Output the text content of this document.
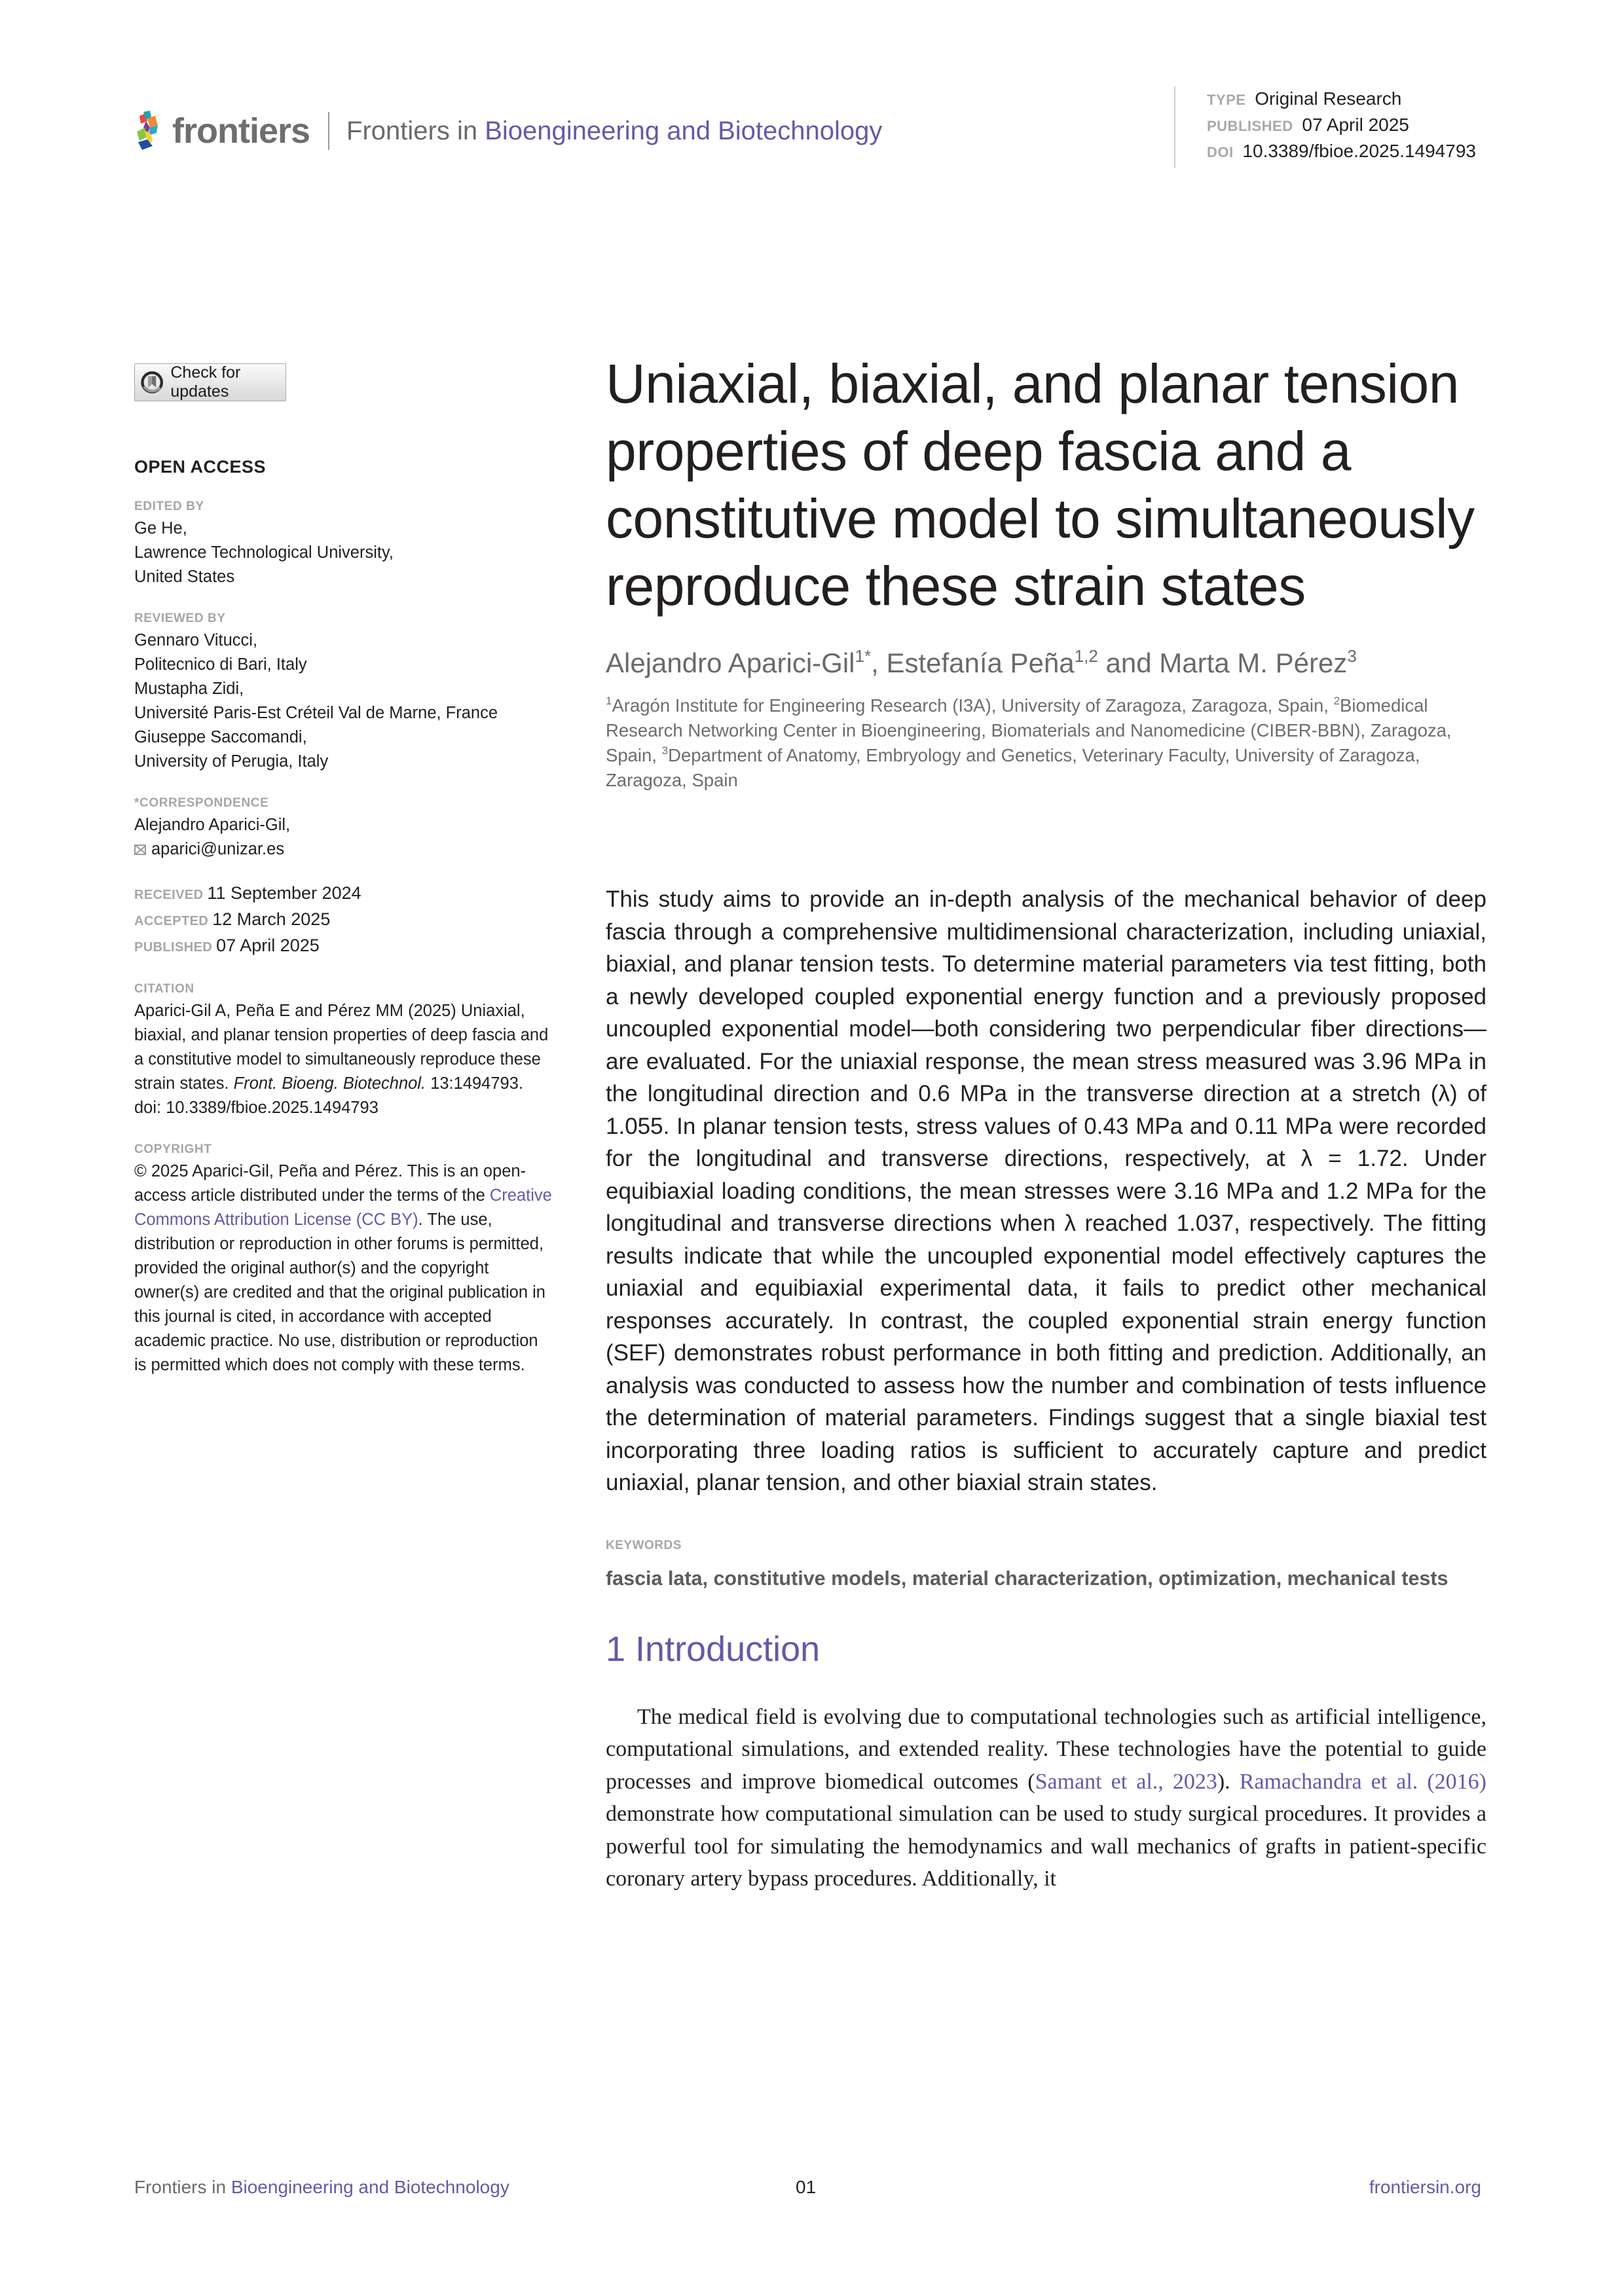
frontiers Frontiers in Bioengineering and Biotechnology
TYPE Original Research
PUBLISHED 07 April 2025
DOI 10.3389/fbioe.2025.1494793
Check for updates
OPEN ACCESS
EDITED BY
Ge He,
Lawrence Technological University,
United States
REVIEWED BY
Gennaro Vitucci,
Politecnico di Bari, Italy
Mustapha Zidi,
Université Paris-Est Créteil Val de Marne, France
Giuseppe Saccomandi,
University of Perugia, Italy
*CORRESPONDENCE
Alejandro Aparici-Gil,
aparici@unizar.es
RECEIVED 11 September 2024
ACCEPTED 12 March 2025
PUBLISHED 07 April 2025
CITATION
Aparici-Gil A, Peña E and Pérez MM (2025) Uniaxial, biaxial, and planar tension properties of deep fascia and a constitutive model to simultaneously reproduce these strain states. Front. Bioeng. Biotechnol. 13:1494793.
doi: 10.3389/fbioe.2025.1494793
COPYRIGHT
© 2025 Aparici-Gil, Peña and Pérez. This is an open-access article distributed under the terms of the Creative Commons Attribution License (CC BY). The use, distribution or reproduction in other forums is permitted, provided the original author(s) and the copyright owner(s) are credited and that the original publication in this journal is cited, in accordance with accepted academic practice. No use, distribution or reproduction is permitted which does not comply with these terms.
Uniaxial, biaxial, and planar tension properties of deep fascia and a constitutive model to simultaneously reproduce these strain states
Alejandro Aparici-Gil$^{1*}$, Estefanía Peña$^{1,2}$ and Marta M. Pérez$^3$
$^1$Aragón Institute for Engineering Research (I3A), University of Zaragoza, Zaragoza, Spain, $^2$Biomedical Research Networking Center in Bioengineering, Biomaterials and Nanomedicine (CIBER-BBN), Zaragoza, Spain, $^3$Department of Anatomy, Embryology and Genetics, Veterinary Faculty, University of Zaragoza, Zaragoza, Spain

This study aims to provide an in-depth analysis of the mechanical behavior of deep fascia through a comprehensive multidimensional characterization, including uniaxial, biaxial, and planar tension tests. To determine material parameters via test fitting, both a newly developed coupled exponential energy function and a previously proposed uncoupled exponential model—both considering two perpendicular fiber directions—are evaluated. For the uniaxial response, the mean stress measured was 3.96 MPa in the longitudinal direction and 0.6 MPa in the transverse direction at a stretch (λ) of 1.055. In planar tension tests, stress values of 0.43 MPa and 0.11 MPa were recorded for the longitudinal and transverse directions, respectively, at λ = 1.72. Under equibiaxial loading conditions, the mean stresses were 3.16 MPa and 1.2 MPa for the longitudinal and transverse directions when λ reached 1.037, respectively. The fitting results indicate that while the uncoupled exponential model effectively captures the uniaxial and equibiaxial experimental data, it fails to predict other mechanical responses accurately. In contrast, the coupled exponential strain energy function (SEF) demonstrates robust performance in both fitting and prediction. Additionally, an analysis was conducted to assess how the number and combination of tests influence the determination of material parameters. Findings suggest that a single biaxial test incorporating three loading ratios is sufficient to accurately capture and predict uniaxial, planar tension, and other biaxial strain states.

KEYWORDS
fascia lata, constitutive models, material characterization, optimization, mechanical tests
1 Introduction

The medical field is evolving due to computational technologies such as artificial intelligence, computational simulations, and extended reality. These technologies have the potential to guide processes and improve biomedical outcomes (Samant et al., 2023). Ramachandra et al. (2016) demonstrate how computational simulation can be used to study surgical procedures. It provides a powerful tool for simulating the hemodynamics and wall mechanics of grafts in patient-specific coronary artery bypass procedures. Additionally, it

Frontiers in Bioengineering and Biotechnology	01	frontiersin.org
